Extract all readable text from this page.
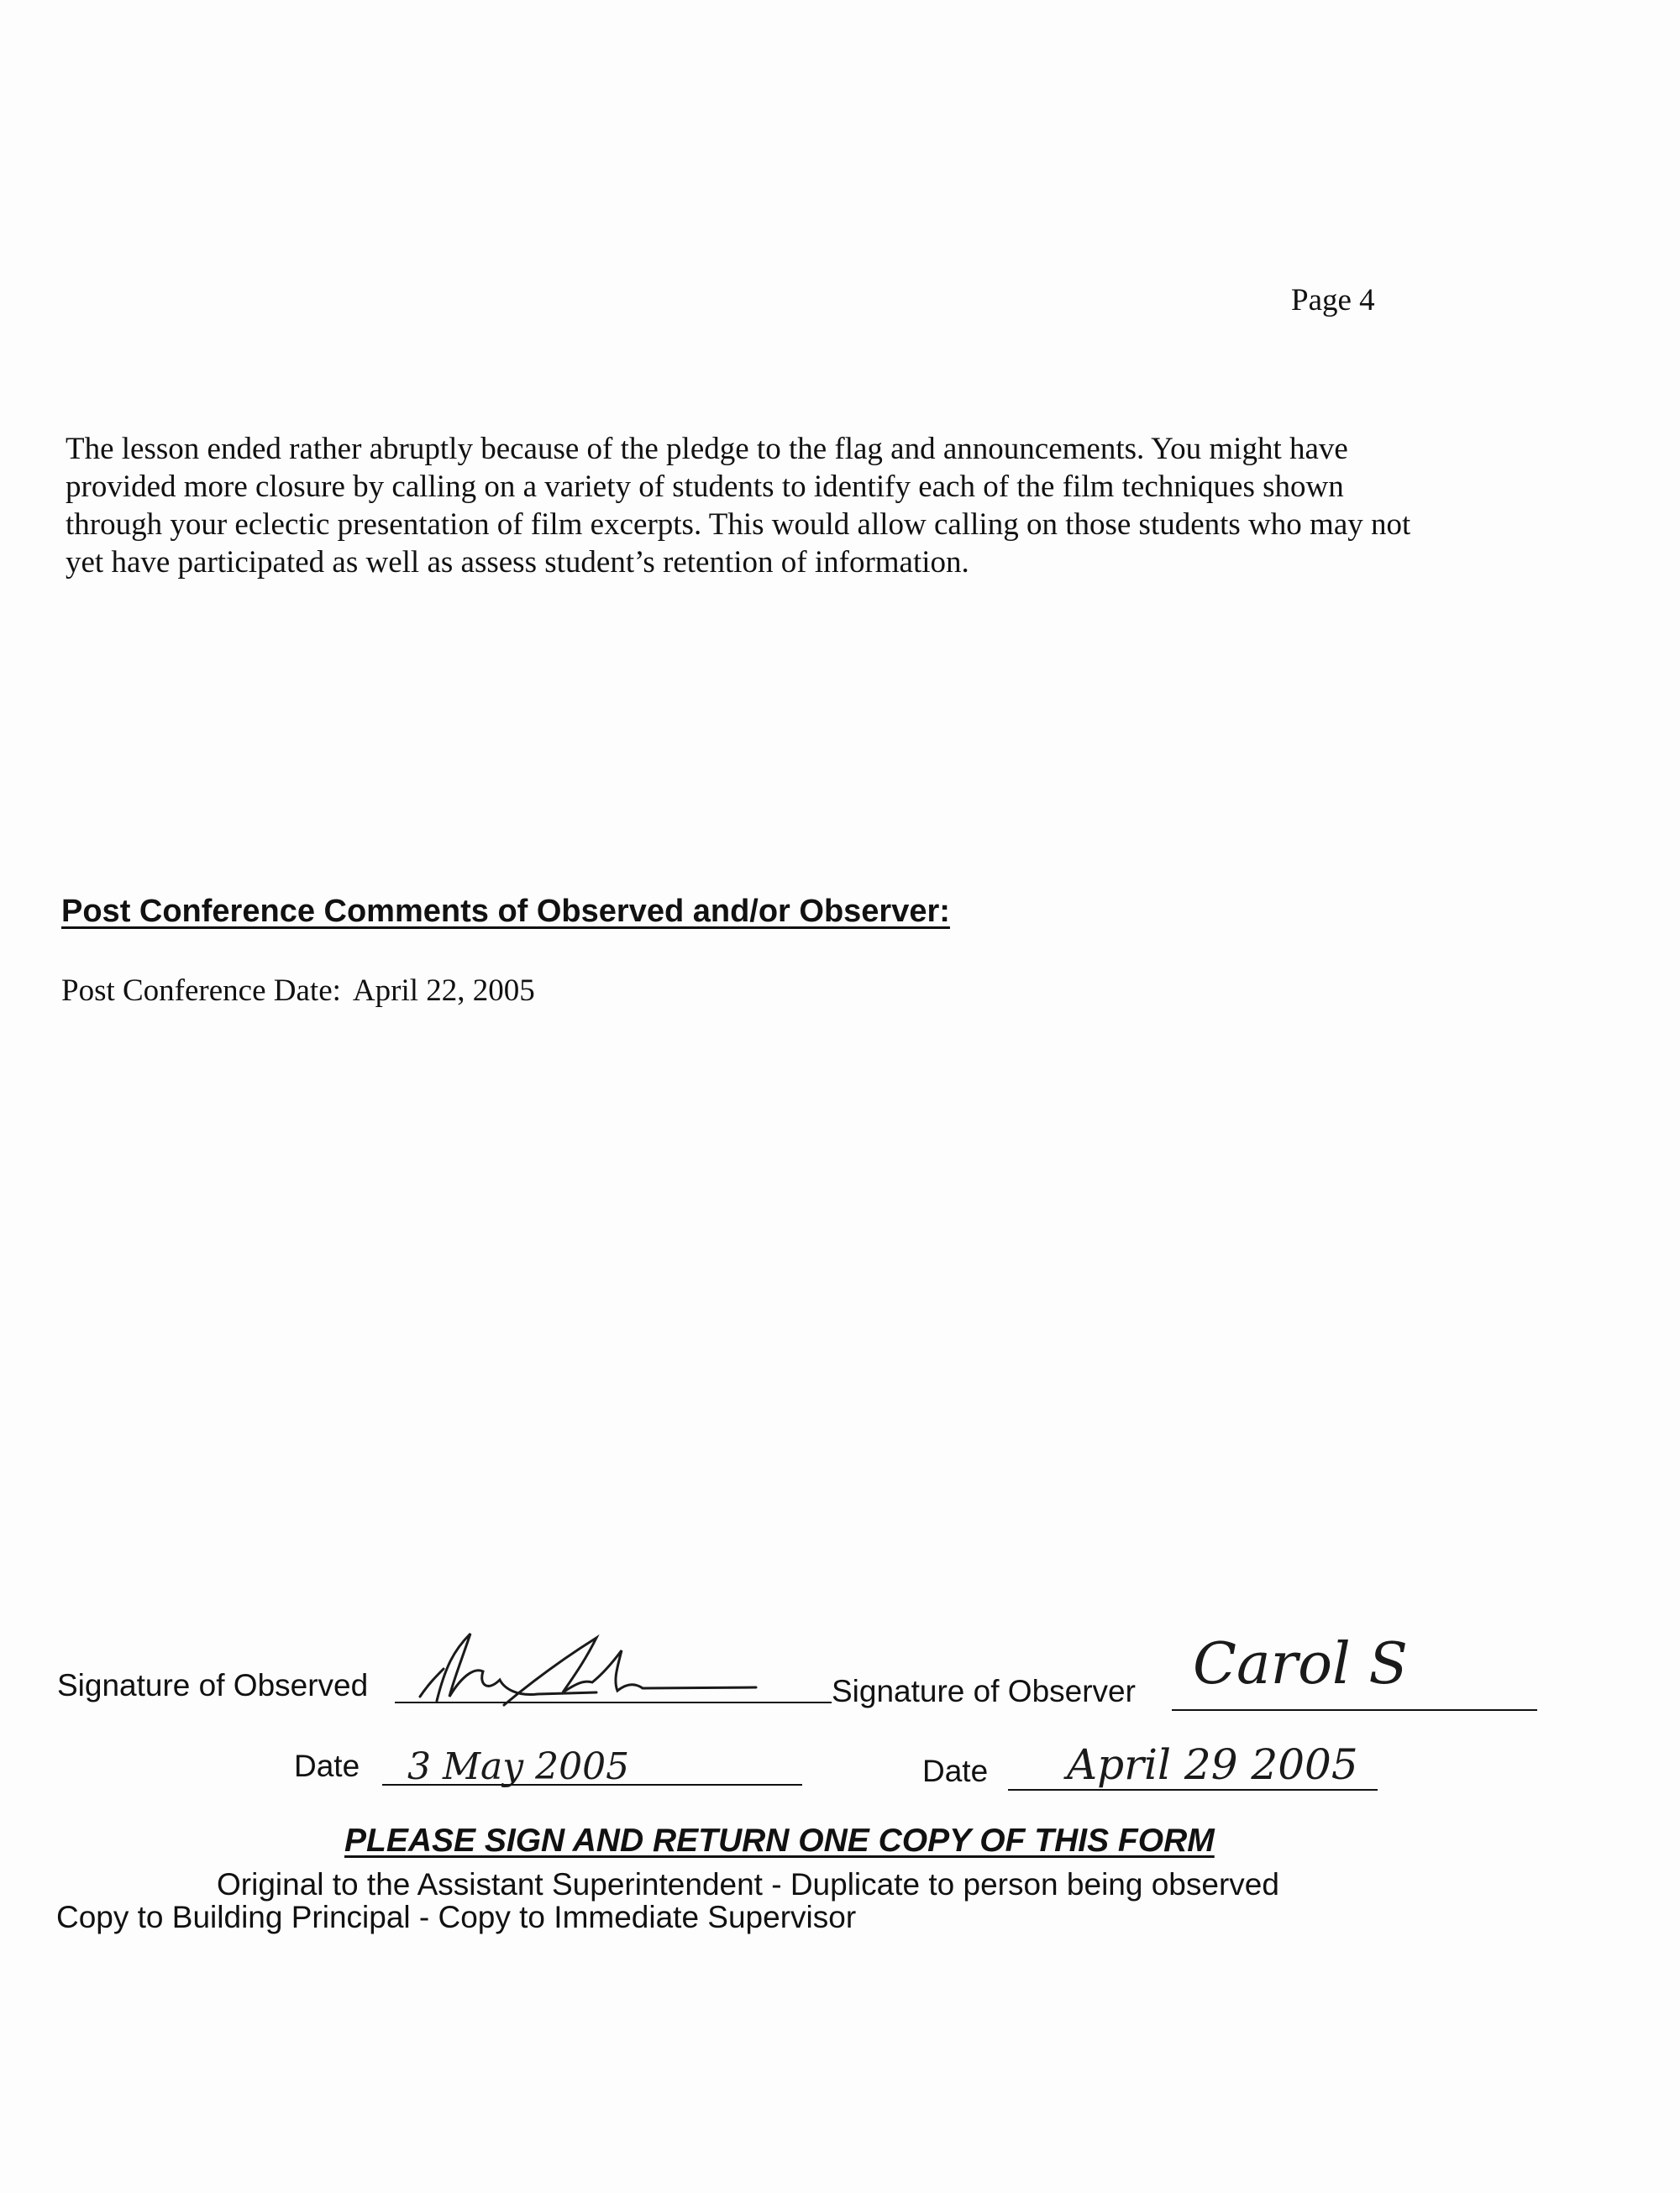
Page 4
The lesson ended rather abruptly because of the pledge to the flag and announcements. You might have
provided more closure by calling on a variety of students to identify each of the film techniques shown
through your eclectic presentation of film excerpts. This would allow calling on those students who may not
yet have participated as well as assess student’s retention of information.
Post Conference Comments of Observed and/or Observer:
Post Conference Date: April 22, 2005
Signature of Observed	Signature of Observer Carol S
Date 3 May 2005	Date April 29 2005
PLEASE SIGN AND RETURN ONE COPY OF THIS FORM
Original to the Assistant Superintendent - Duplicate to person being observed
Copy to Building Principal - Copy to Immediate Supervisor
